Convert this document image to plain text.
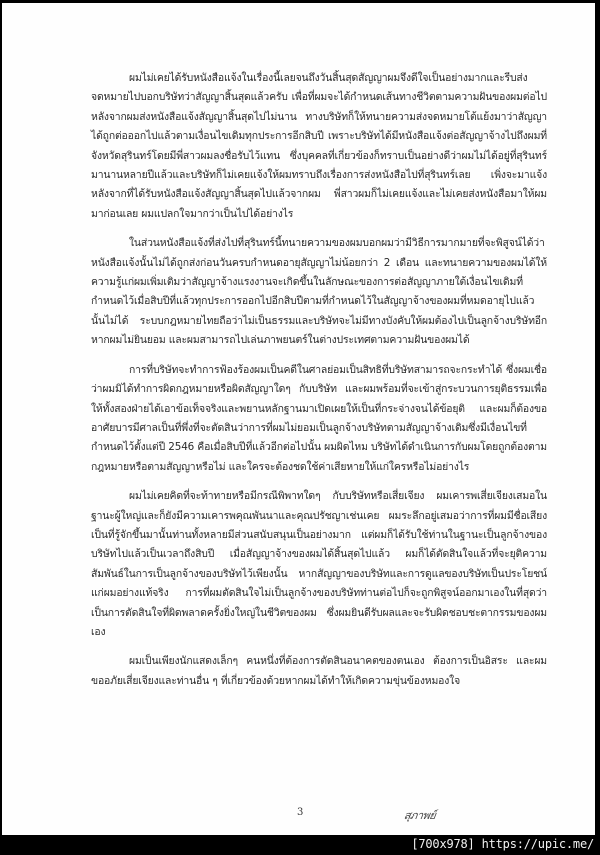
ผมไม่เคยได้รับหนังสือแจ้งในเรื่องนี้เลยจนถึงวันสิ้นสุดสัญญาผมจึงดีใจเป็นอย่างมากและรีบส่งจดหมายไปบอกบริษัทว่าสัญญาสิ้นสุดแล้วครับ เพื่อที่ผมจะได้กำหนดเส้นทางชีวิตตามความฝันของผมต่อไป หลังจากผมส่งหนังสือแจ้งสัญญาสิ้นสุดไปไม่นาน ทางบริษัทก็ให้ทนายความส่งจดหมายโต้แย้งมาว่าสัญญาได้ถูกต่อออกไปแล้วตามเงื่อนไขเดิมทุกประการอีกสิบปี เพราะบริษัทได้มีหนังสือแจ้งต่อสัญญาจ้างไปถึงผมที่จังหวัดสุรินทร์โดยมีพี่สาวผมลงชื่อรับไว้แทน ซึ่งบุคคลที่เกี่ยวข้องก็ทราบเป็นอย่างดีว่าผมไม่ได้อยู่ที่สุรินทร์มานานหลายปีแล้วและบริษัทก็ไม่เคยแจ้งให้ผมทราบถึงเรื่องการส่งหนังสือไปที่สุรินทร์เลย เพิ่งจะมาแจ้งหลังจากที่ได้รับหนังสือแจ้งสัญญาสิ้นสุดไปแล้วจากผม พี่สาวผมก็ไม่เคยแจ้งและไม่เคยส่งหนังสือมาให้ผมมาก่อนเลย ผมแปลกใจมากว่าเป็นไปได้อย่างไร

ในส่วนหนังสือแจ้งที่ส่งไปที่สุรินทร์นี้ทนายความของผมบอกผมว่ามีวิธีการมากมายที่จะพิสูจน์ได้ว่าหนังสือแจ้งนั้นไม่ได้ถูกส่งก่อนวันครบกำหนดอายุสัญญาไม่น้อยกว่า 2 เดือน และทนายความของผมได้ให้ความรู้แก่ผมเพิ่มเติมว่าสัญญาจ้างแรงงานจะเกิดขึ้นในลักษณะของการต่อสัญญาภายใต้เงื่อนไขเดิมที่กำหนดไว้เมื่อสิบปีที่แล้วทุกประการออกไปอีกสิบปีตามที่กำหนดไว้ในสัญญาจ้างของผมที่หมดอายุไปแล้วนั้นไม่ได้ ระบบกฎหมายไทยถือว่าไม่เป็นธรรมและบริษัทจะไม่มีทางบังคับให้ผมต้องไปเป็นลูกจ้างบริษัทอีกหากผมไม่ยินยอม และผมสามารถไปเล่นภาพยนตร์ในต่างประเทศตามความฝันของผมได้

การที่บริษัทจะทำการฟ้องร้องผมเป็นคดีในศาลย่อมเป็นสิทธิที่บริษัทสามารถจะกระทำได้ ซึ่งผมเชื่อว่าผมมิได้ทำการผิดกฎหมายหรือผิดสัญญาใดๆ กับบริษัท และผมพร้อมที่จะเข้าสู่กระบวนการยุติธรรมเพื่อให้ทั้งสองฝ่ายได้เอาข้อเท็จจริงและพยานหลักฐานมาเปิดเผยให้เป็นที่กระจ่างจนได้ข้อยุติ และผมก็ต้องขออาศัยบารมีศาลเป็นที่พึ่งที่จะตัดสินว่าการที่ผมไม่ยอมเป็นลูกจ้างบริษัทตามสัญญาจ้างเดิมซึ่งมีเงื่อนไขที่กำหนดไว้ตั้งแต่ปี 2546 คือเมื่อสิบปีที่แล้วอีกต่อไปนั้น ผมผิดไหม บริษัทได้ดำเนินการกับผมโดยถูกต้องตามกฎหมายหรือตามสัญญาหรือไม่ และใครจะต้องชดใช้ค่าเสียหายให้แก่ใครหรือไม่อย่างไร

ผมไม่เคยคิดที่จะท้าทายหรือมีกรณีพิพาทใดๆ กับบริษัทหรือเสี่ยเจียง ผมเคารพเสี่ยเจียงเสมอในฐานะผู้ใหญ่และก็ยังมีความเคารพคุณพันนาและคุณปรัชญาเช่นเคย ผมระลึกอยู่เสมอว่าการที่ผมมีชื่อเสียงเป็นที่รู้จักขึ้นมานั้นท่านทั้งหลายมีส่วนสนับสนุนเป็นอย่างมาก แต่ผมก็ได้รับใช้ท่านในฐานะเป็นลูกจ้างของบริษัทไปแล้วเป็นเวลาถึงสิบปี เมื่อสัญญาจ้างของผมได้สิ้นสุดไปแล้ว ผมก็ได้ตัดสินใจแล้วที่จะยุติความสัมพันธ์ในการเป็นลูกจ้างของบริษัทไว้เพียงนั้น หากสัญญาของบริษัทและการดูแลของบริษัทเป็นประโยชน์แก่ผมอย่างแท้จริง การที่ผมตัดสินใจไม่เป็นลูกจ้างของบริษัทท่านต่อไปก็จะถูกพิสูจน์ออกมาเองในที่สุดว่าเป็นการตัดสินใจที่ผิดพลาดครั้งยิ่งใหญ่ในชีวิตของผม ซึ่งผมยินดีรับผลและจะรับผิดชอบชะตากรรมของผมเอง

ผมเป็นเพียงนักแสดงเล็กๆ คนหนึ่งที่ต้องการตัดสินอนาคตของตนเอง ต้องการเป็นอิสระ และผมขออภัยเสี่ยเจียงและท่านอื่น ๆ ที่เกี่ยวข้องด้วยหากผมได้ทำให้เกิดความขุ่นข้องหมองใจ

3	สุภาพย์
[700x978] https://upic.me/
